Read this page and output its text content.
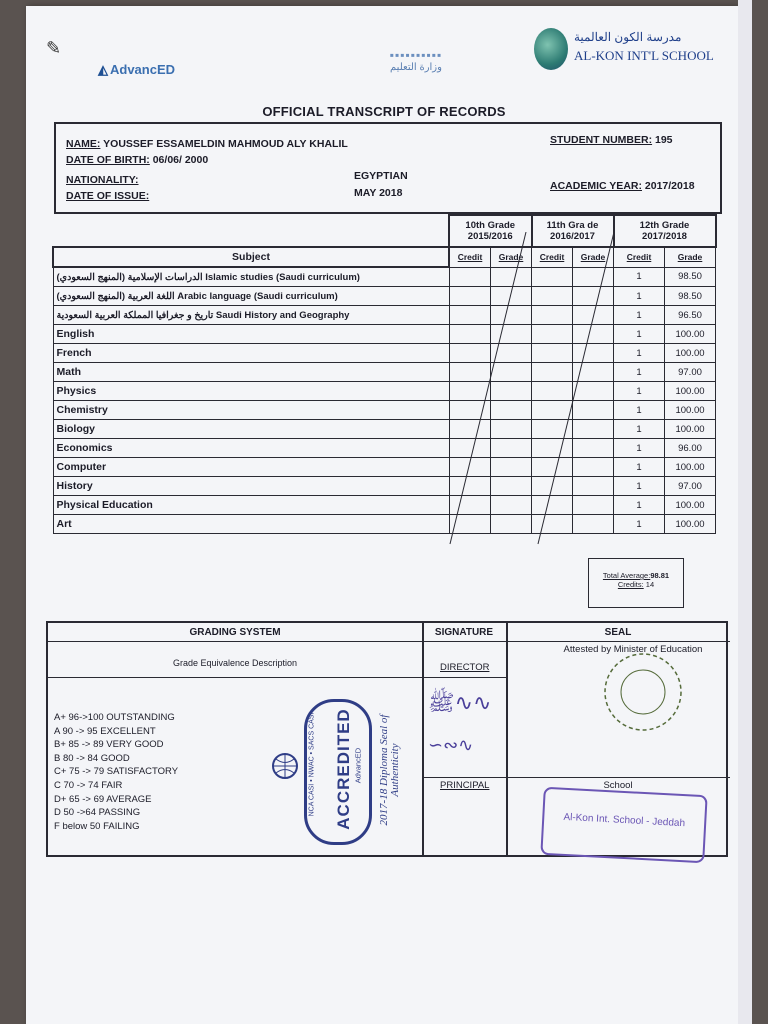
✎
◭ AdvancED
▪▪▪▪▪▪▪▪▪▪
وزارة التعليم
مدرسة الكون العالمية
AL-KON INT'L SCHOOL
OFFICIAL TRANSCRIPT OF RECORDS
NAME: YOUSSEF ESSAMELDIN MAHMOUD ALY KHALIL	STUDENT NUMBER: 195
DATE OF BIRTH: 06/06/ 2000
NATIONALITY:	EGYPTIAN
DATE OF ISSUE:	MAY 2018
ACADEMIC YEAR: 2017/2018
	10th Grade
2015/2016		11th Gra de
2016/2017		12th Grade
2017/2018	
Subject	Credit	Grade	Credit	Grade	Credit	Grade
الدراسات الإسلامية (المنهج السعودي) Islamic studies (Saudi curriculum)					1	98.50
اللغة العربية (المنهج السعودي) Arabic language (Saudi curriculum)					1	98.50
تاريخ و جغرافيا المملكة العربية السعودية Saudi History and Geography					1	96.50
English					1	100.00
French					1	100.00
Math					1	97.00
Physics					1	100.00
Chemistry					1	100.00
Biology					1	100.00
Economics					1	96.00
Computer					1	100.00
History					1	97.00
Physical Education					1	100.00
Art					1	100.00
Total Average:98.81
Credits: 14
GRADING SYSTEM	SIGNATURE	SEAL
Grade Equivalence Description	DIRECTOR
PRINCIPAL
Attested by Minister of Education
School
A+ 96->100 OUTSTANDING
A 90 -> 95 EXCELLENT
B+ 85 -> 89 VERY GOOD
B 80 -> 84 GOOD
C+ 75 -> 79 SATISFACTORY
C 70 -> 74 FAIR
D+ 65 -> 69 AVERAGE
D 50 ->64 PASSING
F below 50 FAILING	ACCREDITED
NCA CASI • NWAC • SACS CASI	AdvancED 2017-18 Diploma Seal of Authenticity
ﷺ∿∿
∽∾∿
Al-Kon Int. School - Jeddah
